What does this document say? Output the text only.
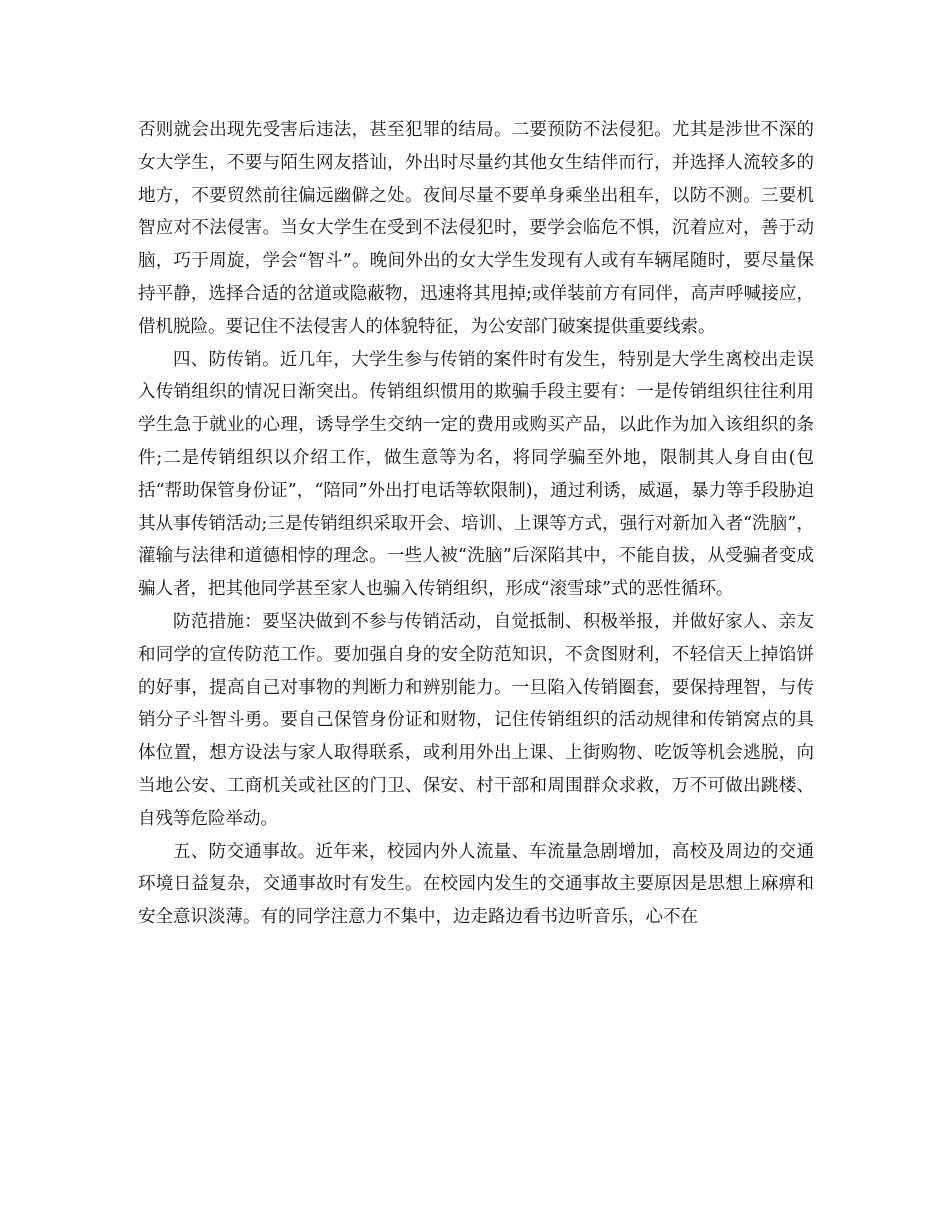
否则就会出现先受害后违法，甚至犯罪的结局。二要预防不法侵犯。尤其是涉世不深的女大学生，不要与陌生网友搭讪，外出时尽量约其他女生结伴而行，并选择人流较多的地方，不要贸然前往偏远幽僻之处。夜间尽量不要单身乘坐出租车，以防不测。三要机智应对不法侵害。当女大学生在受到不法侵犯时，要学会临危不惧，沉着应对，善于动脑，巧于周旋，学会“智斗”。晚间外出的女大学生发现有人或有车辆尾随时，要尽量保持平静，选择合适的岔道或隐蔽物，迅速将其甩掉;或佯装前方有同伴，高声呼喊接应，借机脱险。要记住不法侵害人的体貌特征，为公安部门破案提供重要线索。

四、防传销。近几年，大学生参与传销的案件时有发生，特别是大学生离校出走误入传销组织的情况日渐突出。传销组织惯用的欺骗手段主要有：一是传销组织往往利用学生急于就业的心理，诱导学生交纳一定的费用或购买产品，以此作为加入该组织的条件;二是传销组织以介绍工作，做生意等为名，将同学骗至外地，限制其人身自由(包括“帮助保管身份证”，“陪同”外出打电话等软限制)，通过利诱，威逼，暴力等手段胁迫其从事传销活动;三是传销组织采取开会、培训、上课等方式，强行对新加入者“洗脑”，灌输与法律和道德相悖的理念。一些人被“洗脑”后深陷其中，不能自拔，从受骗者变成骗人者，把其他同学甚至家人也骗入传销组织，形成“滚雪球”式的恶性循环。

防范措施：要坚决做到不参与传销活动，自觉抵制、积极举报，并做好家人、亲友和同学的宣传防范工作。要加强自身的安全防范知识，不贪图财利，不轻信天上掉馅饼的好事，提高自己对事物的判断力和辨别能力。一旦陷入传销圈套，要保持理智，与传销分子斗智斗勇。要自己保管身份证和财物，记住传销组织的活动规律和传销窝点的具体位置，想方设法与家人取得联系，或利用外出上课、上街购物、吃饭等机会逃脱，向当地公安、工商机关或社区的门卫、保安、村干部和周围群众求救，万不可做出跳楼、自残等危险举动。

五、防交通事故。近年来，校园内外人流量、车流量急剧增加，高校及周边的交通环境日益复杂，交通事故时有发生。在校园内发生的交通事故主要原因是思想上麻痹和安全意识淡薄。有的同学注意力不集中，边走路边看书边听音乐，心不在
